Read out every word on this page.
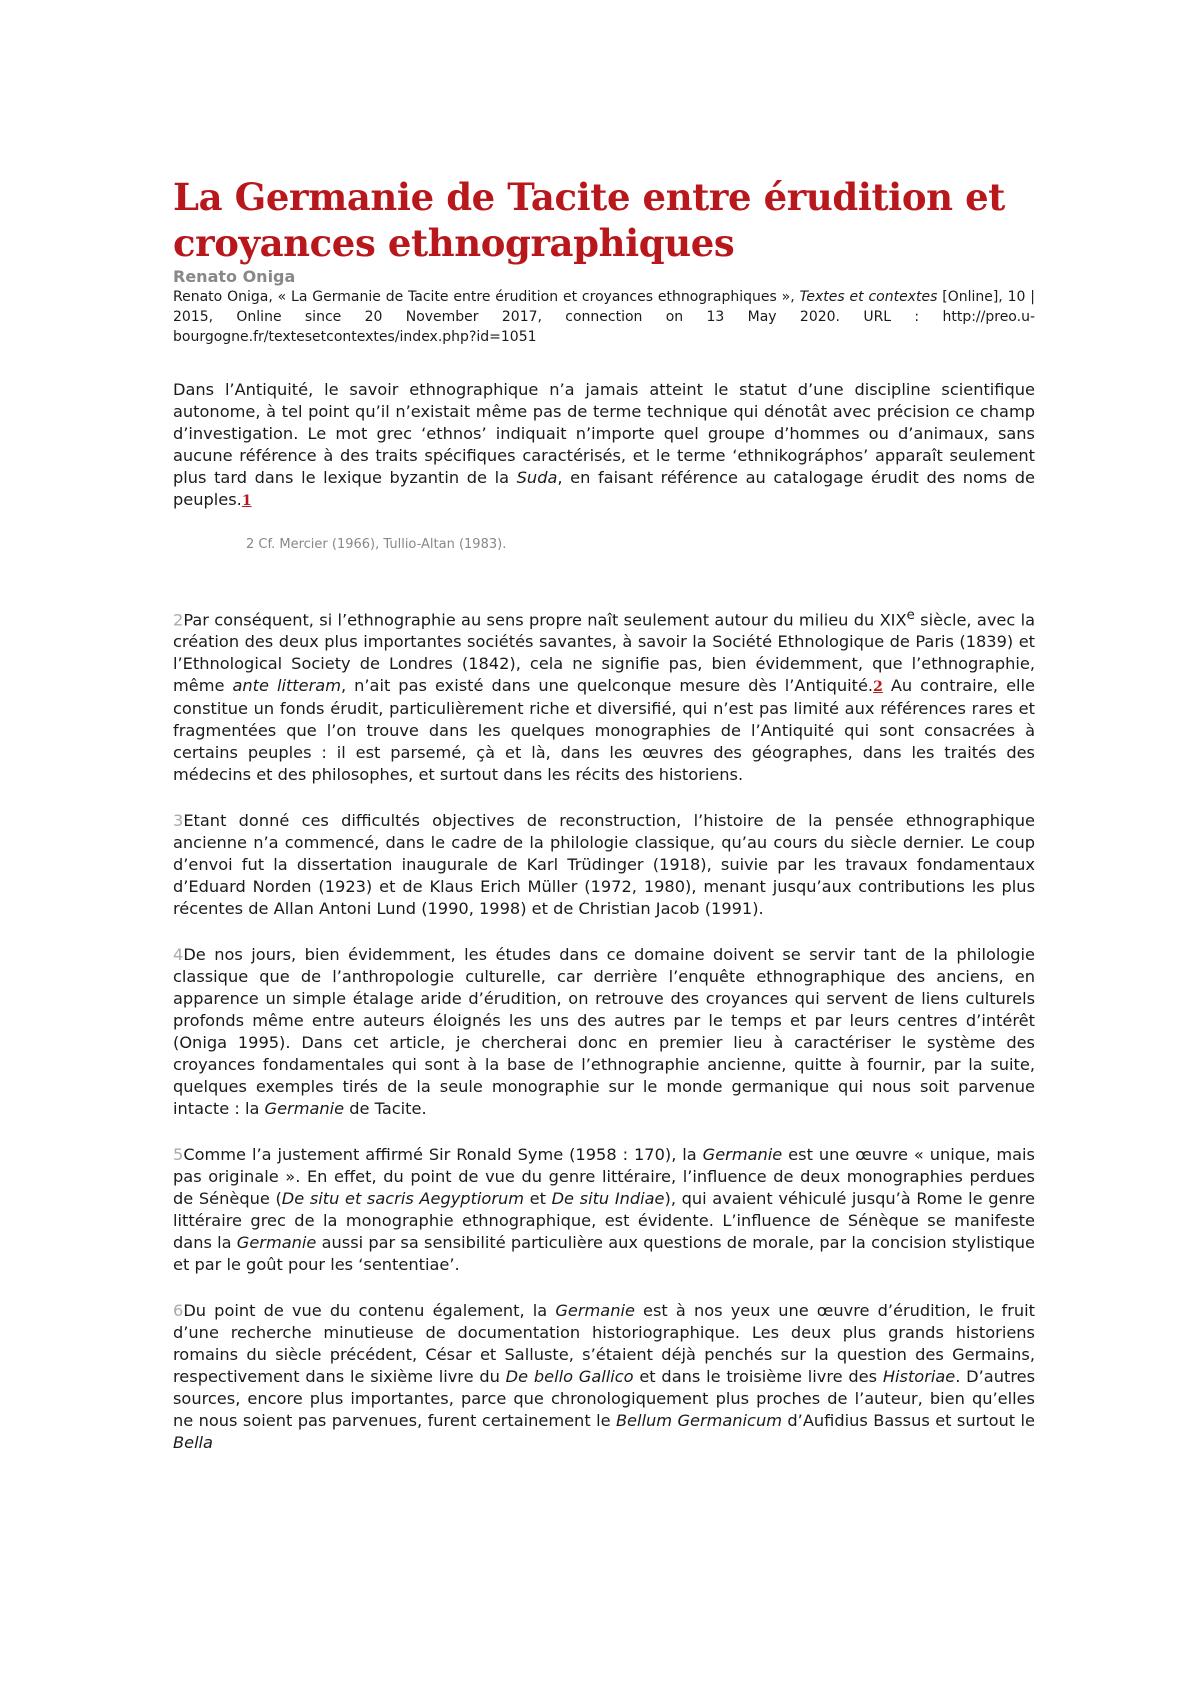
La Germanie de Tacite entre érudition et croyances ethnographiques
Renato Oniga

Renato Oniga, « La Germanie de Tacite entre érudition et croyances ethnographiques », Textes et contextes [Online], 10 | 2015, Online since 20 November 2017, connection on 13 May 2020. URL : http://preo.u-bourgogne.fr/textesetcontextes/index.php?id=1051

Dans l’Antiquité, le savoir ethnographique n’a jamais atteint le statut d’une discipline scientifique autonome, à tel point qu’il n’existait même pas de terme technique qui dénotât avec précision ce champ d’investigation. Le mot grec ‘ethnos’ indiquait n’importe quel groupe d’hommes ou d’animaux, sans aucune référence à des traits spécifiques caractérisés, et le terme ‘ethnikográphos’ apparaît seulement plus tard dans le lexique byzantin de la Suda, en faisant référence au catalogage érudit des noms de peuples.1

2 Cf. Mercier (1966), Tullio-Altan (1983).

2Par conséquent, si l’ethnographie au sens propre naît seulement autour du milieu du XIXe siècle, avec la création des deux plus importantes sociétés savantes, à savoir la Société Ethnologique de Paris (1839) et l’Ethnological Society de Londres (1842), cela ne signifie pas, bien évidemment, que l’ethnographie, même ante litteram, n’ait pas existé dans une quelconque mesure dès l’Antiquité.2 Au contraire, elle constitue un fonds érudit, particulièrement riche et diversifié, qui n’est pas limité aux références rares et fragmentées que l’on trouve dans les quelques monographies de l’Antiquité qui sont consacrées à certains peuples : il est parsemé, çà et là, dans les œuvres des géographes, dans les traités des médecins et des philosophes, et surtout dans les récits des historiens.

3Etant donné ces difficultés objectives de reconstruction, l’histoire de la pensée ethnographique ancienne n’a commencé, dans le cadre de la philologie classique, qu’au cours du siècle dernier. Le coup d’envoi fut la dissertation inaugurale de Karl Trüdinger (1918), suivie par les travaux fondamentaux d’Eduard Norden (1923) et de Klaus Erich Müller (1972, 1980), menant jusqu’aux contributions les plus récentes de Allan Antoni Lund (1990, 1998) et de Christian Jacob (1991).

4De nos jours, bien évidemment, les études dans ce domaine doivent se servir tant de la philologie classique que de l’anthropologie culturelle, car derrière l’enquête ethnographique des anciens, en apparence un simple étalage aride d’érudition, on retrouve des croyances qui servent de liens culturels profonds même entre auteurs éloignés les uns des autres par le temps et par leurs centres d’intérêt (Oniga 1995). Dans cet article, je chercherai donc en premier lieu à caractériser le système des croyances fondamentales qui sont à la base de l’ethnographie ancienne, quitte à fournir, par la suite, quelques exemples tirés de la seule monographie sur le monde germanique qui nous soit parvenue intacte : la Germanie de Tacite.

5Comme l’a justement affirmé Sir Ronald Syme (1958 : 170), la Germanie est une œuvre « unique, mais pas originale ». En effet, du point de vue du genre littéraire, l’influence de deux monographies perdues de Sénèque (De situ et sacris Aegyptiorum et De situ Indiae), qui avaient véhiculé jusqu’à Rome le genre littéraire grec de la monographie ethnographique, est évidente. L’influence de Sénèque se manifeste dans la Germanie aussi par sa sensibilité particulière aux questions de morale, par la concision stylistique et par le goût pour les ‘sententiae’.

6Du point de vue du contenu également, la Germanie est à nos yeux une œuvre d’érudition, le fruit d’une recherche minutieuse de documentation historiographique. Les deux plus grands historiens romains du siècle précédent, César et Salluste, s’étaient déjà penchés sur la question des Germains, respectivement dans le sixième livre du De bello Gallico et dans le troisième livre des Historiae. D’autres sources, encore plus importantes, parce que chronologiquement plus proches de l’auteur, bien qu’elles ne nous soient pas parvenues, furent certainement le Bellum Germanicum d’Aufidius Bassus et surtout le Bella
